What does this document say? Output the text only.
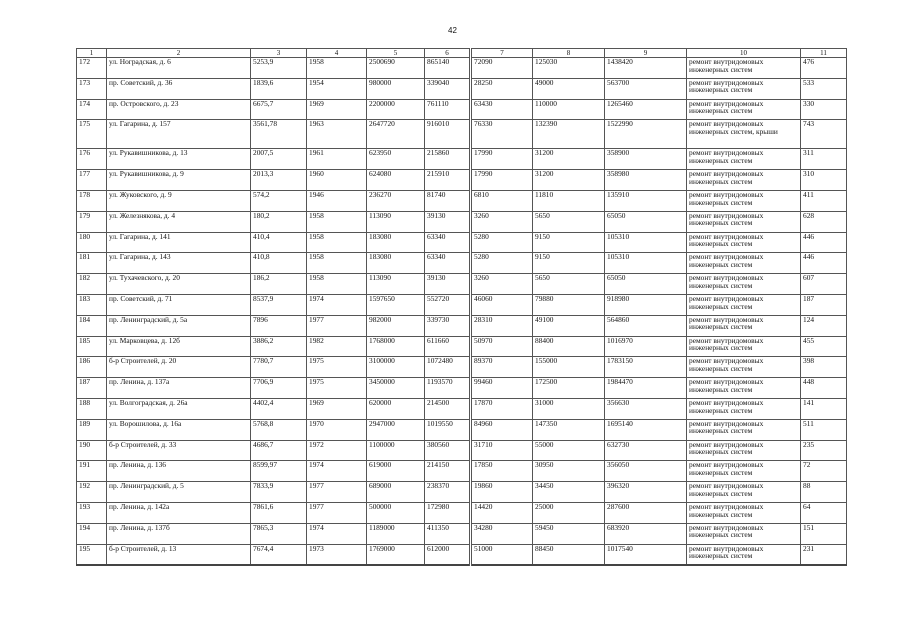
42
1	2	3	4	5	6	7	8	9	10	11
172	ул. Ноградская, д. 6	5253,9	1958	2500690	865140	72090	125030	1438420	ремонт внутридомовых инженерных систем	476
173	пр. Советский, д. 36	1839,6	1954	980000	339040	28250	49000	563700	ремонт внутридомовых инженерных систем	533
174	пр. Островского, д. 23	6675,7	1969	2200000	761110	63430	110000	1265460	ремонт внутридомовых инженерных систем	330
175	ул. Гагарина, д. 157	3561,78	1963	2647720	916010	76330	132390	1522990	ремонт внутридомовых инженерных систем, крыши	743
176	ул. Рукавишникова, д. 13	2007,5	1961	623950	215860	17990	31200	358900	ремонт внутридомовых инженерных систем	311
177	ул. Рукавишникова, д. 9	2013,3	1960	624080	215910	17990	31200	358980	ремонт внутридомовых инженерных систем	310
178	ул. Жуковского, д. 9	574,2	1946	236270	81740	6810	11810	135910	ремонт внутридомовых инженерных систем	411
179	ул. Железнякова, д. 4	180,2	1958	113090	39130	3260	5650	65050	ремонт внутридомовых инженерных систем	628
180	ул. Гагарина, д. 141	410,4	1958	183080	63340	5280	9150	105310	ремонт внутридомовых инженерных систем	446
181	ул. Гагарина, д. 143	410,8	1958	183080	63340	5280	9150	105310	ремонт внутридомовых инженерных систем	446
182	ул. Тухачевского, д. 20	186,2	1958	113090	39130	3260	5650	65050	ремонт внутридомовых инженерных систем	607
183	пр. Советский, д. 71	8537,9	1974	1597650	552720	46060	79880	918980	ремонт внутридомовых инженерных систем	187
184	пр. Ленинградский, д. 5а	7896	1977	982000	339730	28310	49100	564860	ремонт внутридомовых инженерных систем	124
185	ул. Марковцева, д. 12б	3886,2	1982	1768000	611660	50970	88400	1016970	ремонт внутридомовых инженерных систем	455
186	б-р Строителей, д. 20	7780,7	1975	3100000	1072480	89370	155000	1783150	ремонт внутридомовых инженерных систем	398
187	пр. Ленина, д. 137а	7706,9	1975	3450000	1193570	99460	172500	1984470	ремонт внутридомовых инженерных систем	448
188	ул. Волгоградская, д. 26а	4402,4	1969	620000	214500	17870	31000	356630	ремонт внутридомовых инженерных систем	141
189	ул. Ворошилова, д. 16а	5768,8	1970	2947000	1019550	84960	147350	1695140	ремонт внутридомовых инженерных систем	511
190	б-р Строителей, д. 33	4686,7	1972	1100000	380560	31710	55000	632730	ремонт внутридомовых инженерных систем	235
191	пр. Ленина, д. 136	8599,97	1974	619000	214150	17850	30950	356050	ремонт внутридомовых инженерных систем	72
192	пр. Ленинградский, д. 5	7833,9	1977	689000	238370	19860	34450	396320	ремонт внутридомовых инженерных систем	88
193	пр. Ленина, д. 142а	7861,6	1977	500000	172980	14420	25000	287600	ремонт внутридомовых инженерных систем	64
194	пр. Ленина, д. 137б	7865,3	1974	1189000	411350	34280	59450	683920	ремонт внутридомовых инженерных систем	151
195	б-р Строителей, д. 13	7674,4	1973	1769000	612000	51000	88450	1017540	ремонт внутридомовых инженерных систем	231
